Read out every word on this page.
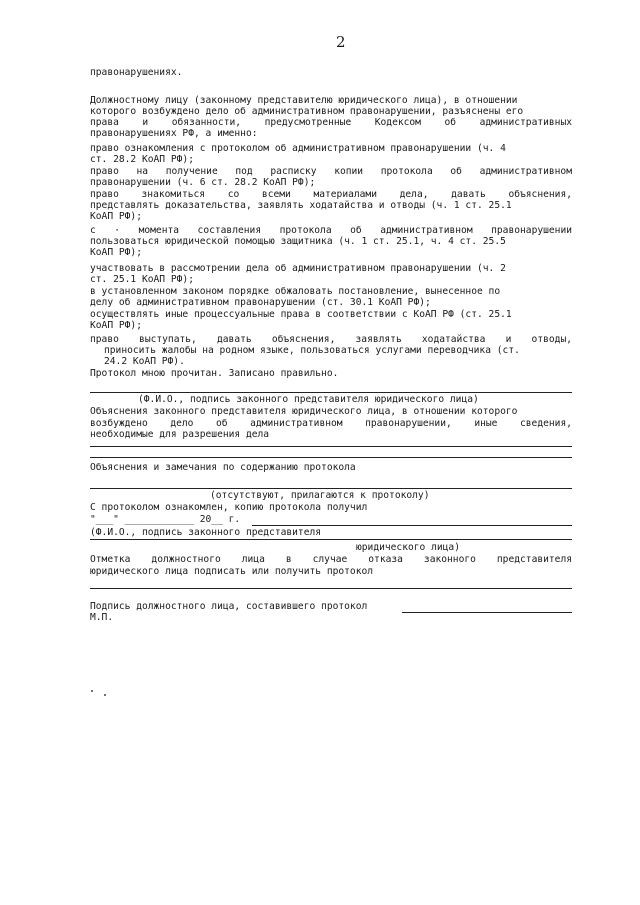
2
правонарушениях.
Должностному лицу (законному представителю юридического лица), в отношении
которого возбуждено дело об административном правонарушении, разъяснены его
права и обязанности, предусмотренные Кодексом об административных
правонарушениях РФ, а именно:
право ознакомления с протоколом об административном правонарушении (ч. 4
ст. 28.2 КоАП РФ);
право на получение под расписку копии протокола об административном
правонарушении (ч. 6 ст. 28.2 КоАП РФ);
право знакомиться со всеми материалами дела, давать объяснения,
представлять доказательства, заявлять ходатайства и отводы (ч. 1 ст. 25.1
КоАП РФ);
с · момента составления протокола об административном правонарушении
пользоваться юридической помощью защитника (ч. 1 ст. 25.1, ч. 4 ст. 25.5
КоАП РФ);
участвовать в рассмотрении дела об административном правонарушении (ч. 2
ст. 25.1 КоАП РФ);
в установленном законом порядке обжаловать постановление, вынесенное по
делу об административном правонарушении (ст. 30.1 КоАП РФ);
осуществлять иные процессуальные права в соответствии с КоАП РФ (ст. 25.1
КоАП РФ);
право выступать, давать объяснения, заявлять ходатайства и отводы,
приносить жалобы на родном языке, пользоваться услугами переводчика (ст.
24.2 КоАП РФ).
Протокол мною прочитан. Записано правильно.
(Ф.И.О., подпись законного представителя юридического лица)
Объяснения законного представителя юридического лица, в отношении которого
возбуждено дело об административном правонарушении, иные сведения,
необходимые для разрешения дела
Объяснения и замечания по содержанию протокола
(отсутствуют, прилагаются к протоколу)
С протоколом ознакомлен, копию протокола получил
"___" ____________ 20__ г.
(Ф.И.О., подпись законного представителя
юридического лица)
Отметка должностного лица в случае отказа законного представителя
юридического лица подписать или получить протокол
Подпись должностного лица, составившего протокол
М.П.
